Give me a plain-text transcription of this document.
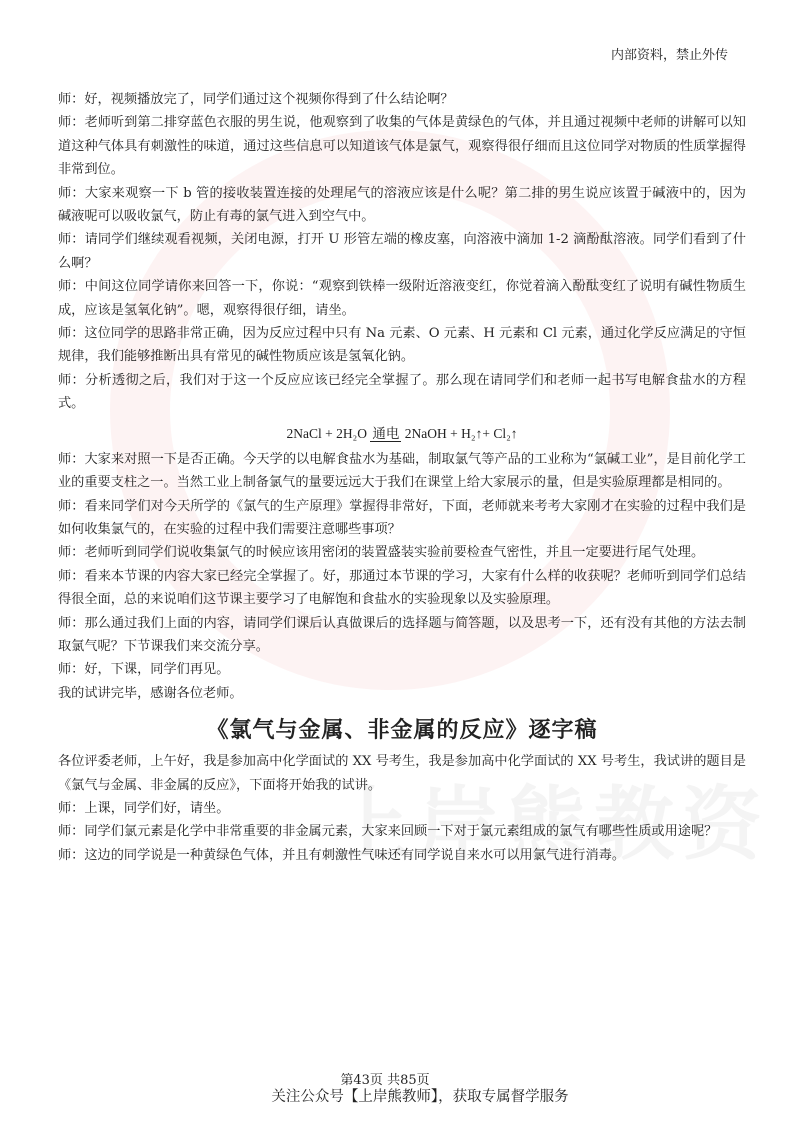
内部资料，禁止外传

师：好，视频播放完了，同学们通过这个视频你得到了什么结论啊？

师：老师听到第二排穿蓝色衣服的男生说，他观察到了收集的气体是黄绿色的气体，并且通过视频中老师的讲解可以知道这种气体具有刺激性的味道，通过这些信息可以知道该气体是氯气，观察得很仔细而且这位同学对物质的性质掌握得非常到位。

师：大家来观察一下 b 管的接收装置连接的处理尾气的溶液应该是什么呢？第二排的男生说应该置于碱液中的，因为碱液呢可以吸收氯气，防止有毒的氯气进入到空气中。

师：请同学们继续观看视频，关闭电源，打开 U 形管左端的橡皮塞，向溶液中滴加 1-2 滴酚酞溶液。同学们看到了什么啊？

师：中间这位同学请你来回答一下，你说：“观察到铁棒一级附近溶液变红，你觉着滴入酚酞变红了说明有碱性物质生成，应该是氢氧化钠”。嗯，观察得很仔细，请坐。

师：这位同学的思路非常正确，因为反应过程中只有 Na 元素、O 元素、H 元素和 Cl 元素，通过化学反应满足的守恒规律，我们能够推断出具有常见的碱性物质应该是氢氧化钠。

师：分析透彻之后，我们对于这一个反应应该已经完全掌握了。那么现在请同学们和老师一起书写电解食盐水的方程式。

2NaCl + 2H₂O 通电 2NaOH + H₂↑+ Cl₂↑

师：大家来对照一下是否正确。今天学的以电解食盐水为基础，制取氯气等产品的工业称为“氯碱工业”，是目前化学工业的重要支柱之一。当然工业上制备氯气的量要远远大于我们在课堂上给大家展示的量，但是实验原理都是相同的。

师：看来同学们对今天所学的《氯气的生产原理》掌握得非常好，下面，老师就来考考大家刚才在实验的过程中我们是如何收集氯气的，在实验的过程中我们需要注意哪些事项？

师：老师听到同学们说收集氯气的时候应该用密闭的装置盛装实验前要检查气密性，并且一定要进行尾气处理。

师：看来本节课的内容大家已经完全掌握了。好，那通过本节课的学习，大家有什么样的收获呢？老师听到同学们总结得很全面，总的来说咱们这节课主要学习了电解饱和食盐水的实验现象以及实验原理。

师：那么通过我们上面的内容，请同学们课后认真做课后的选择题与简答题，以及思考一下，还有没有其他的方法去制取氯气呢？下节课我们来交流分享。

师：好，下课，同学们再见。

我的试讲完毕，感谢各位老师。

《氯气与金属、非金属的反应》逐字稿

各位评委老师，上午好，我是参加高中化学面试的 XX 号考生，我是参加高中化学面试的 XX 号考生，我试讲的题目是《氯气与金属、非金属的反应》，下面将开始我的试讲。

师：上课，同学们好，请坐。

师：同学们氯元素是化学中非常重要的非金属元素，大家来回顾一下对于氯元素组成的氯气有哪些性质或用途呢？

师：这边的同学说是一种黄绿色气体，并且有刺激性气味还有同学说自来水可以用氯气进行消毒。

第43页 共85页
关注公众号【上岸熊教师】，获取专属督学服务
